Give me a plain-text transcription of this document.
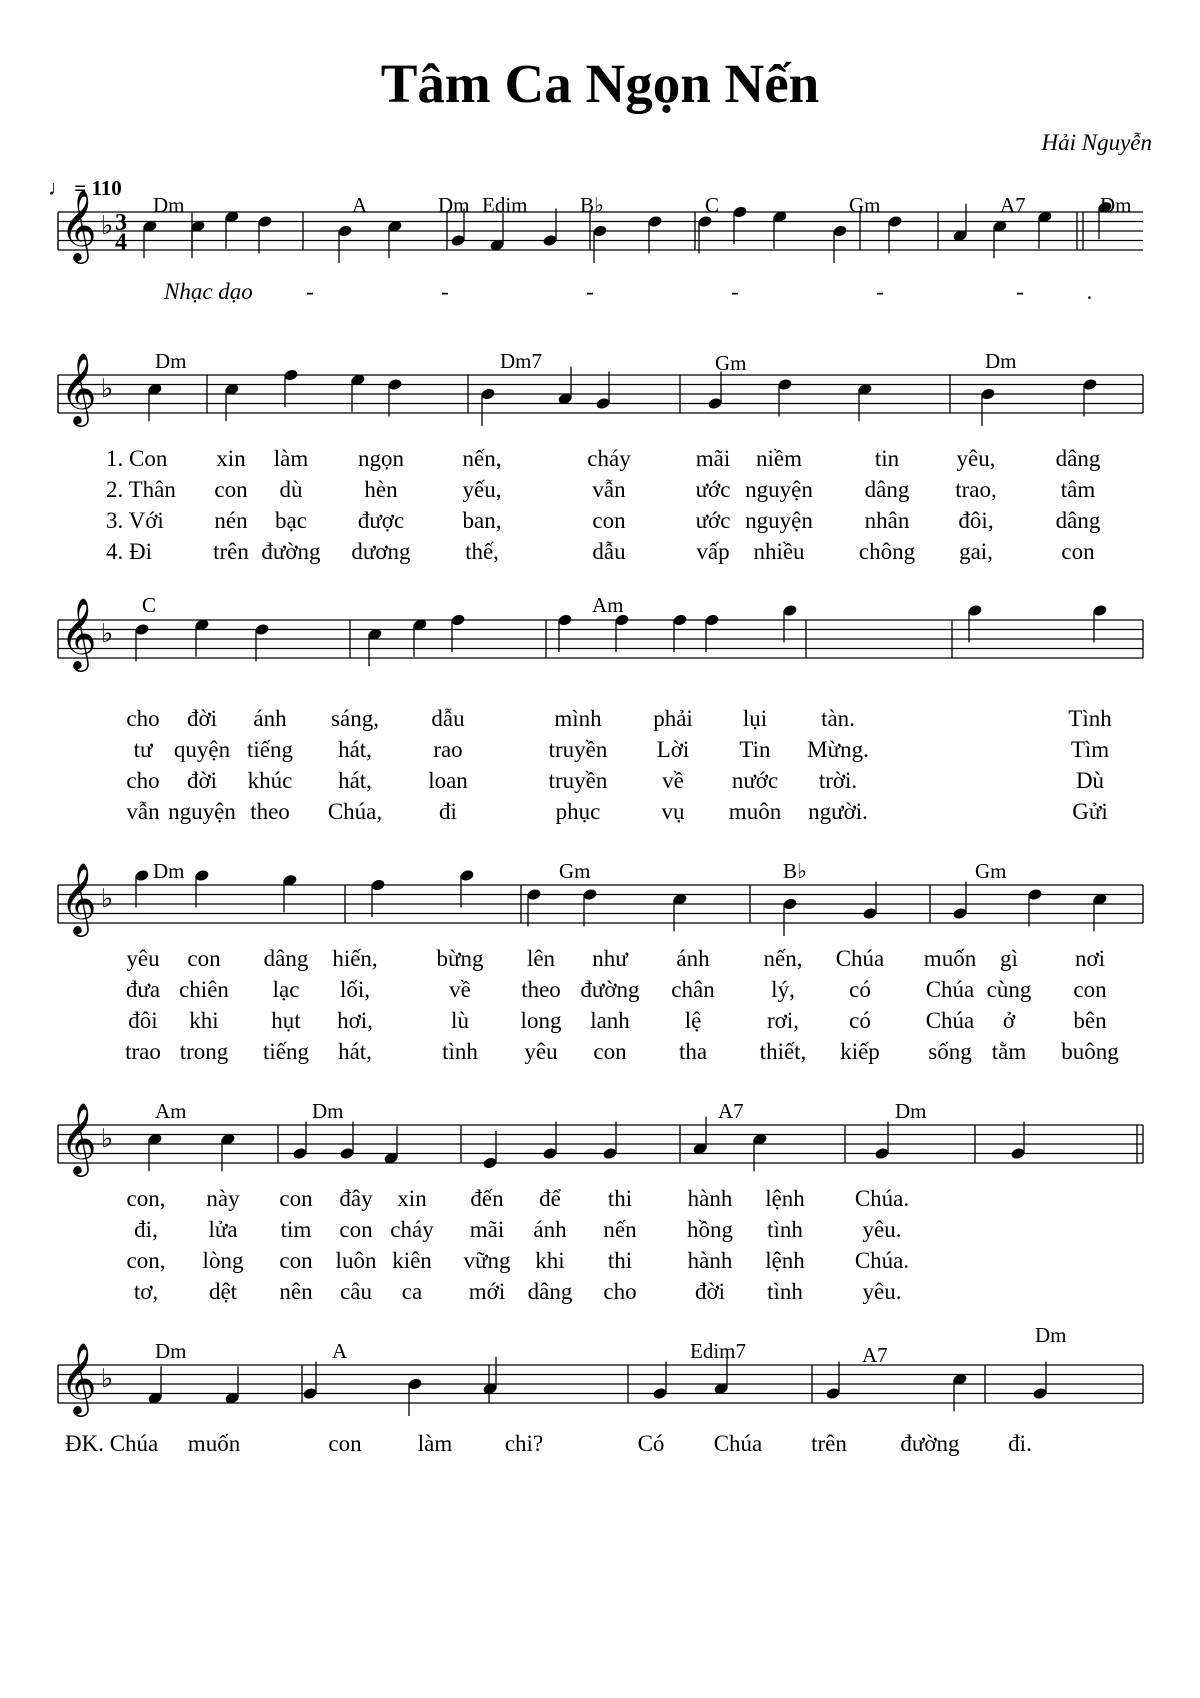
Tâm Ca Ngọn Nến
Hải Nguyễn
♩ = 110
𝄞 ♭ 3
4
Dm	A	Dm Edim	B♭	C	Gm	A7	Dm
Nhạc dạo -	-	-	-	-	-	.
𝄞 ♭
Dm	Dm7	Gm	Dm
1. Con xin làm ngọn	nến,	cháy	mãi niềm	tin yêu,	dâng
2. Thân con dù	hèn	yếu,	vẫn	ước nguyện dâng trao,	tâm
3. Với nén bạc được	ban,	con	ước nguyện nhân đôi,	dâng
4. Đi	trên đường dương thế,	dẫu	vấp nhiều chông gai,	con
𝄞 ♭
C	Am
cho đời ánh sáng, dẫu	mình phải lụi tàn.	Tình
tư quyện tiếng hát,	rao	truyền Lời Tin Mừng.	Tìm
cho đời khúc hát, loan	truyền về nước trời.	Dù
vẫn nguyện theo Chúa, đi	phục	vụ muôn người.	Gửi
𝄞 ♭
Dm	Gm	B♭	Gm
yêu con dâng hiến,	bừng lên như ánh nến, Chúa muốn gì nơi
đưa chiên lạc lối,	về theo đường chân lý, có Chúa cùng con
đôi khi hụt hơi,	lù long lanh lệ	rơi, có Chúa ở	bên
trao trong tiếng hát,	tình yêu con tha thiết, kiếp sống tằm buông
𝄞 ♭
Am	Dm	A7	Dm
con, này con đây xin đến để thi hành lệnh Chúa.
đi, lửa tim con cháy mãi ánh nến hồng tình	yêu.
con, lòng con luôn kiên vững khi thi hành lệnh Chúa.
tơ, dệt nên câu ca mới dâng cho	đời tình	yêu.
𝄞 ♭
Dm	A	Edim7	A7
Dm
ĐK. Chúa muốn	con làm chi?	Có Chúa trên đường đi.
